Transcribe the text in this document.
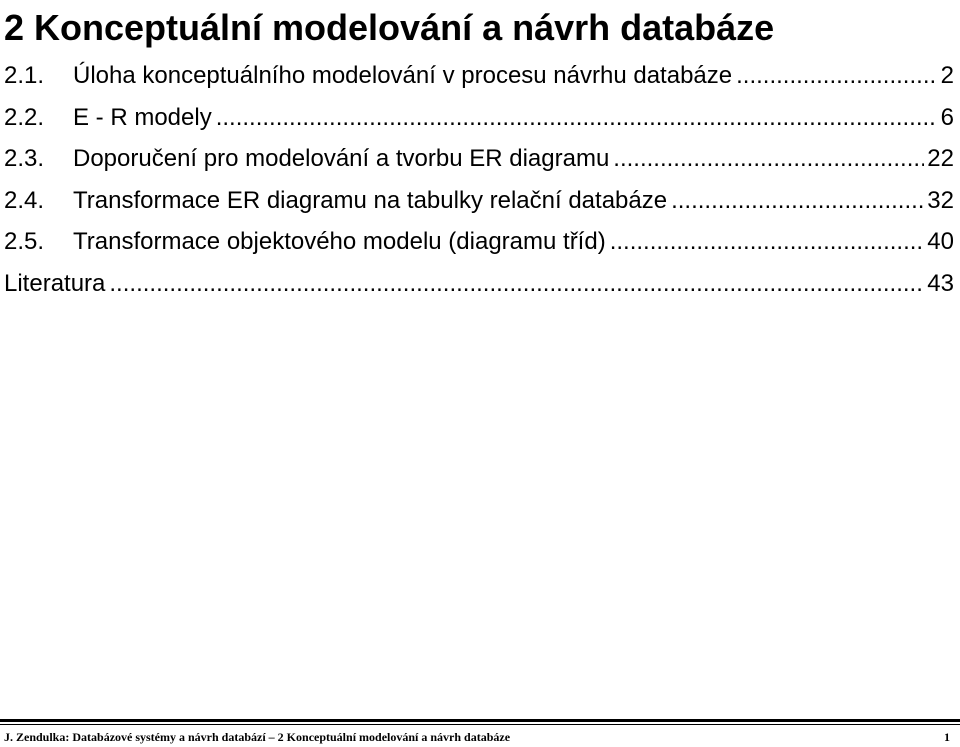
2 Konceptuální modelování a návrh databáze
2.1.	Úloha konceptuálního modelování v procesu návrhu databáze .....	2
2.2.	E - R modely .....	6
2.3.	Doporučení pro modelování a tvorbu ER diagramu .....	22
2.4.	Transformace ER diagramu na tabulky relační databáze .....	32
2.5.	Transformace objektového modelu (diagramu tříd) .....	40
Literatura .....	43
J. Zendulka: Databázové systémy a návrh databází – 2 Konceptuální modelování a návrh databáze	1
